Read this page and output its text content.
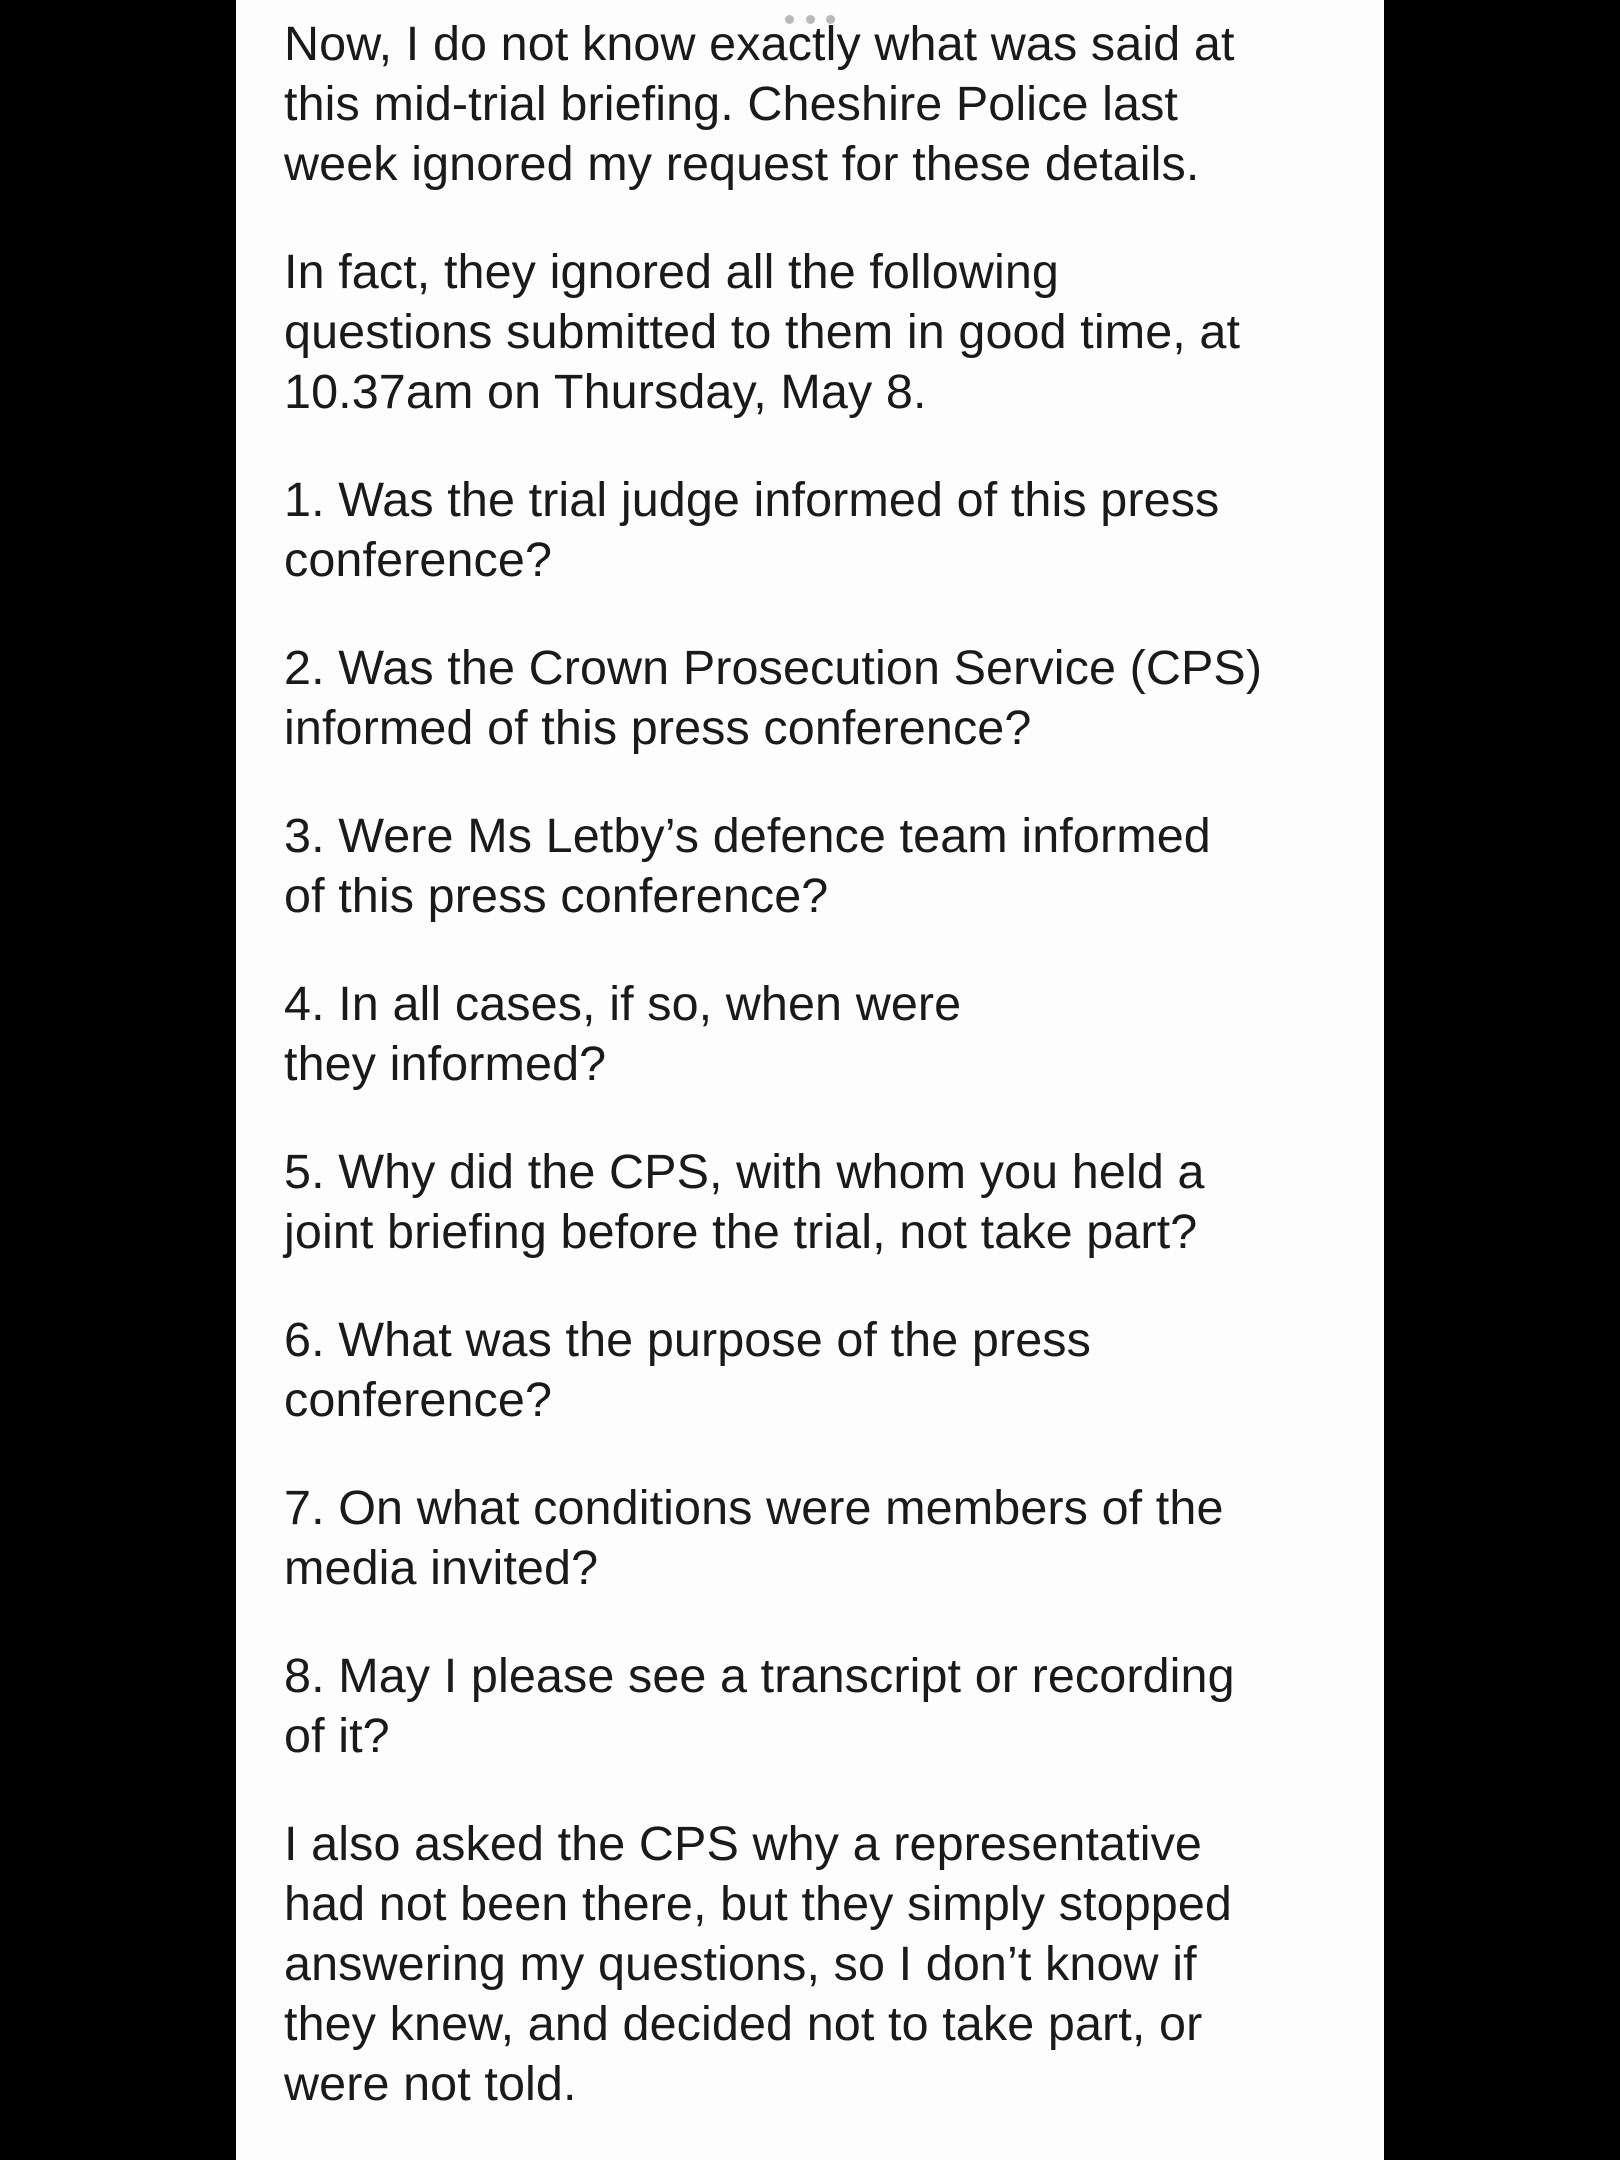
Now, I do not know exactly what was said at
this mid-trial briefing. Cheshire Police last
week ignored my request for these details.

In fact, they ignored all the following
questions submitted to them in good time, at
10.37am on Thursday, May 8.

1. Was the trial judge informed of this press
conference?

2. Was the Crown Prosecution Service (CPS)
informed of this press conference?

3. Were Ms Letby’s defence team informed
of this press conference?

4. In all cases, if so, when were
they informed?

5. Why did the CPS, with whom you held a
joint briefing before the trial, not take part?

6. What was the purpose of the press
conference?

7. On what conditions were members of the
media invited?

8. May I please see a transcript or recording
of it?

I also asked the CPS why a representative
had not been there, but they simply stopped
answering my questions, so I don’t know if
they knew, and decided not to take part, or
were not told.
